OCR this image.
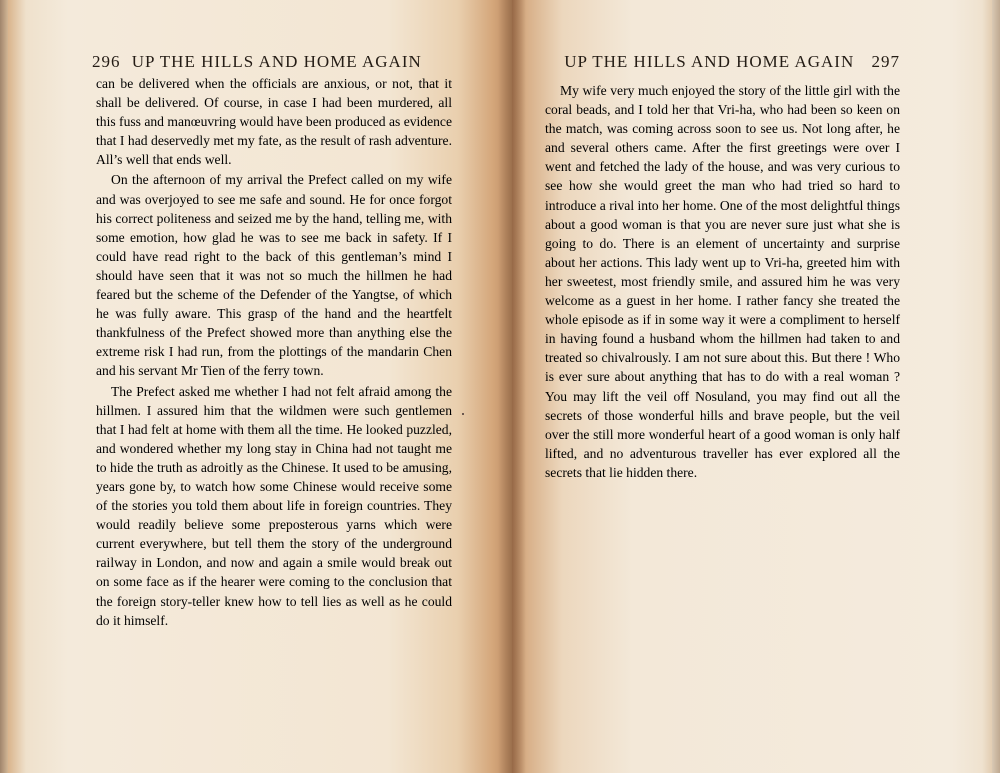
296 UP THE HILLS AND HOME AGAIN

can be delivered when the officials are anxious, or not, that it shall be delivered. Of course, in case I had been murdered, all this fuss and manœuvring would have been produced as evidence that I had deservedly met my fate, as the result of rash adventure. All’s well that ends well.

On the afternoon of my arrival the Prefect called on my wife and was overjoyed to see me safe and sound. He for once forgot his correct politeness and seized me by the hand, telling me, with some emotion, how glad he was to see me back in safety. If I could have read right to the back of this gentleman’s mind I should have seen that it was not so much the hillmen he had feared but the scheme of the Defender of the Yangtse, of which he was fully aware. This grasp of the hand and the heartfelt thankfulness of the Prefect showed more than anything else the extreme risk I had run, from the plottings of the mandarin Chen and his servant Mr Tien of the ferry town.

The Prefect asked me whether I had not felt afraid among the hillmen. I assured him that the wildmen were such gentlemen that I had felt at home with them all the time. He looked puzzled, and wondered whether my long stay in China had not taught me to hide the truth as adroitly as the Chinese. It used to be amusing, years gone by, to watch how some Chinese would receive some of the stories you told them about life in foreign countries. They would readily believe some preposterous yarns which were current everywhere, but tell them the story of the underground railway in London, and now and again a smile would break out on some face as if the hearer were coming to the conclusion that the foreign story-teller knew how to tell lies as well as he could do it himself.

UP THE HILLS AND HOME AGAIN 297

My wife very much enjoyed the story of the little girl with the coral beads, and I told her that Vri-ha, who had been so keen on the match, was coming across soon to see us. Not long after, he and several others came. After the first greetings were over I went and fetched the lady of the house, and was very curious to see how she would greet the man who had tried so hard to introduce a rival into her home. One of the most delightful things about a good woman is that you are never sure just what she is going to do. There is an element of uncertainty and surprise about her actions. This lady went up to Vri-ha, greeted him with her sweetest, most friendly smile, and assured him he was very welcome as a guest in her home. I rather fancy she treated the whole episode as if in some way it were a compliment to herself in having found a husband whom the hillmen had taken to and treated so chivalrously. I am not sure about this. But there ! Who is ever sure about anything that has to do with a real woman ? You may lift the veil off Nosuland, you may find out all the secrets of those wonderful hills and brave people, but the veil over the still more wonderful heart of a good woman is only half lifted, and no adventurous traveller has ever explored all the secrets that lie hidden there.
